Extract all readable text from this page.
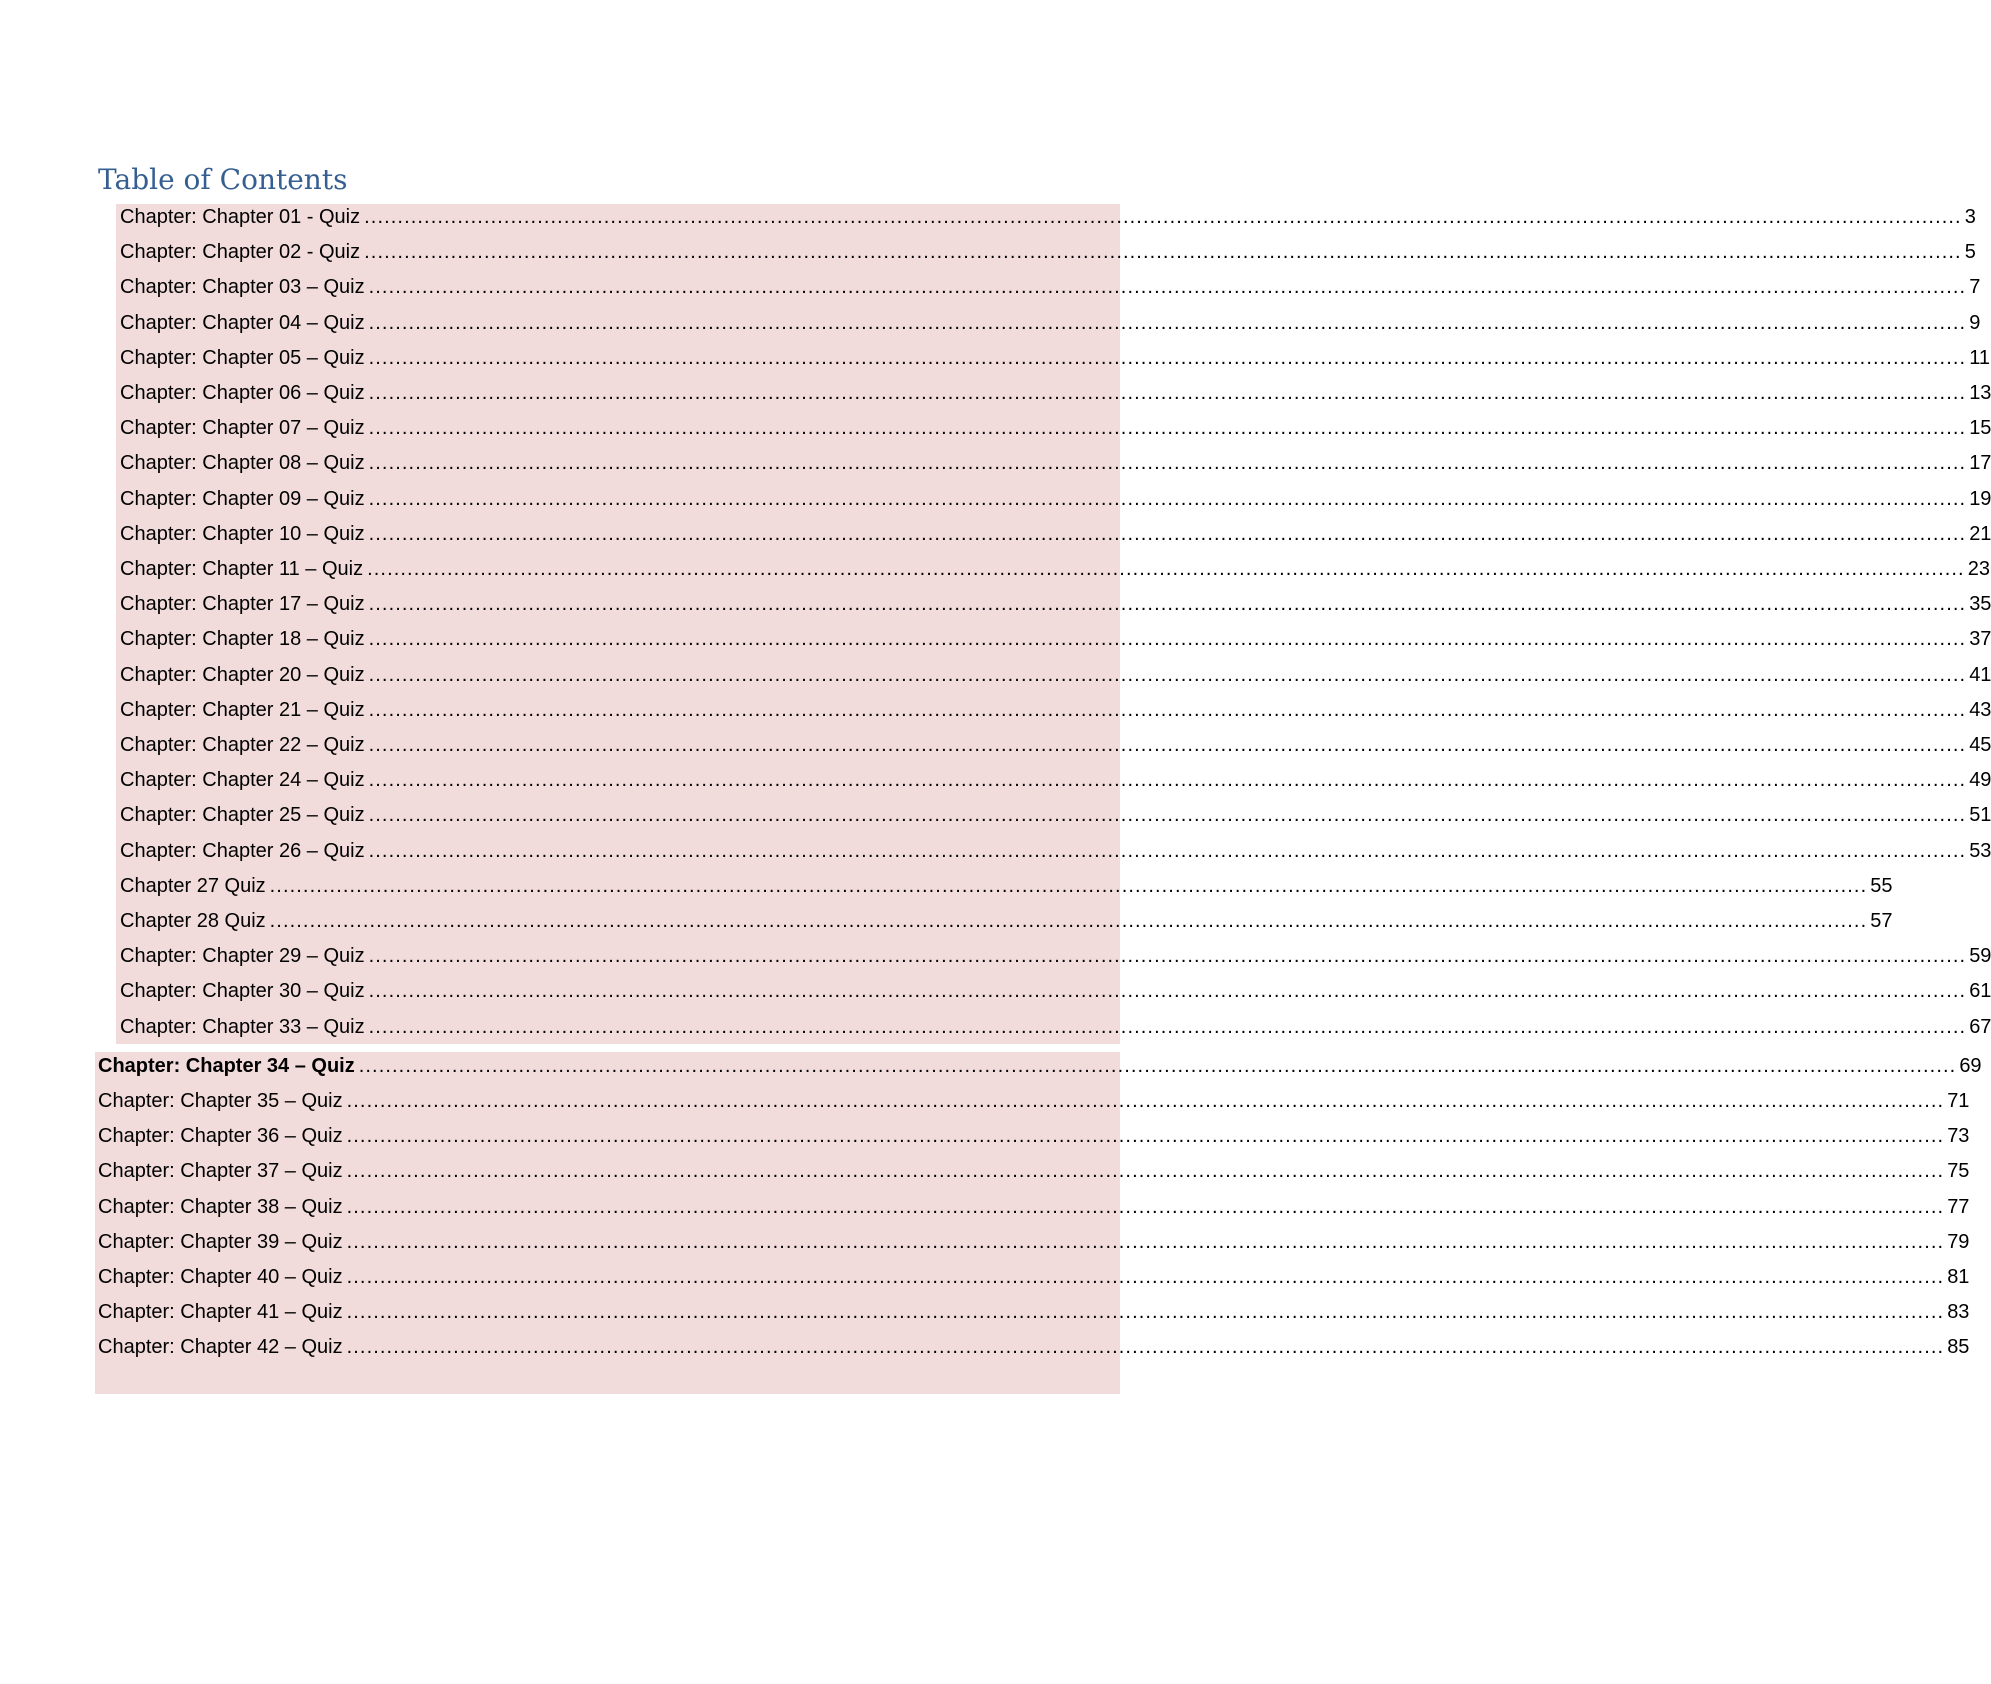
Table of Contents
Chapter: Chapter 01 - Quiz ................................................................................................................................................................................................................................................ 3
Chapter: Chapter 02 - Quiz ................................................................................................................................................................................................................................................ 5
Chapter: Chapter 03 – Quiz ................................................................................................................................................................................................................................................ 7
Chapter: Chapter 04 – Quiz ................................................................................................................................................................................................................................................ 9
Chapter: Chapter 05 – Quiz ................................................................................................................................................................................................................................................ 11
Chapter: Chapter 06 – Quiz ................................................................................................................................................................................................................................................ 13
Chapter: Chapter 07 – Quiz ................................................................................................................................................................................................................................................ 15
Chapter: Chapter 08 – Quiz ................................................................................................................................................................................................................................................ 17
Chapter: Chapter 09 – Quiz ................................................................................................................................................................................................................................................ 19
Chapter: Chapter 10 – Quiz ................................................................................................................................................................................................................................................ 21
Chapter: Chapter 11 – Quiz ................................................................................................................................................................................................................................................ 23
Chapter: Chapter 17 – Quiz ................................................................................................................................................................................................................................................ 35
Chapter: Chapter 18 – Quiz ................................................................................................................................................................................................................................................ 37
Chapter: Chapter 20 – Quiz ................................................................................................................................................................................................................................................ 41
Chapter: Chapter 21 – Quiz ................................................................................................................................................................................................................................................ 43
Chapter: Chapter 22 – Quiz ................................................................................................................................................................................................................................................ 45
Chapter: Chapter 24 – Quiz ................................................................................................................................................................................................................................................ 49
Chapter: Chapter 25 – Quiz ................................................................................................................................................................................................................................................ 51
Chapter: Chapter 26 – Quiz ................................................................................................................................................................................................................................................ 53
Chapter 27 Quiz ................................................................................................................................................................................................................................................ 55
Chapter 28 Quiz ................................................................................................................................................................................................................................................ 57
Chapter: Chapter 29 – Quiz ................................................................................................................................................................................................................................................ 59
Chapter: Chapter 30 – Quiz ................................................................................................................................................................................................................................................ 61
Chapter: Chapter 33 – Quiz ................................................................................................................................................................................................................................................ 67
Chapter: Chapter 34 – Quiz ................................................................................................................................................................................................................................................ 69
Chapter: Chapter 35 – Quiz ................................................................................................................................................................................................................................................ 71
Chapter: Chapter 36 – Quiz ................................................................................................................................................................................................................................................ 73
Chapter: Chapter 37 – Quiz ................................................................................................................................................................................................................................................ 75
Chapter: Chapter 38 – Quiz ................................................................................................................................................................................................................................................ 77
Chapter: Chapter 39 – Quiz ................................................................................................................................................................................................................................................ 79
Chapter: Chapter 40 – Quiz ................................................................................................................................................................................................................................................ 81
Chapter: Chapter 41 – Quiz ................................................................................................................................................................................................................................................ 83
Chapter: Chapter 42 – Quiz ................................................................................................................................................................................................................................................ 85
